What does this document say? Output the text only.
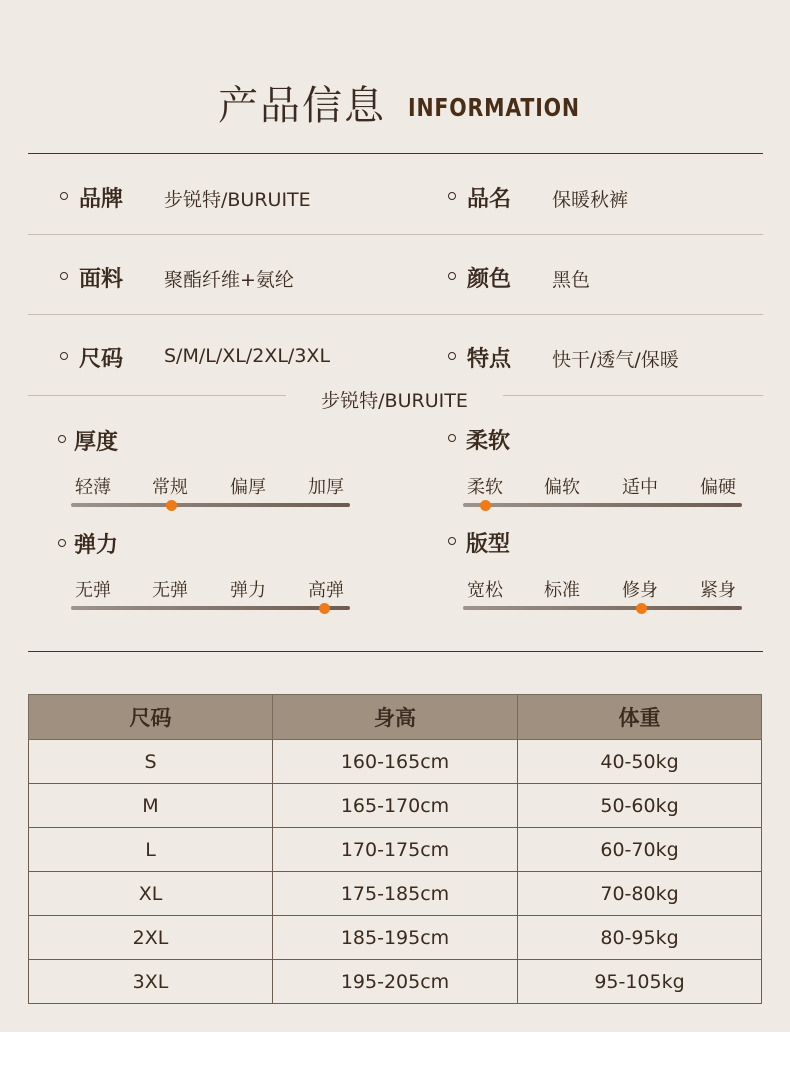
产品信息 INFORMATION
品牌 步锐特/BURUITE	品名 保暖秋裤
面料 聚酯纤维+氨纶	颜色 黑色
尺码 S/M/L/XL/2XL/3XL	特点 快干/透气/保暖
步锐特/BURUITE
厚度
轻薄	常规	偏厚	加厚
柔软
柔软	偏软	适中	偏硬
弹力
无弹	无弹	弹力	高弹
版型
宽松	标准	修身	紧身
尺码	身高	体重
S	160-165cm	40-50kg
M	165-170cm	50-60kg
L	170-175cm	60-70kg
XL	175-185cm	70-80kg
2XL	185-195cm	80-95kg
3XL	195-205cm	95-105kg
